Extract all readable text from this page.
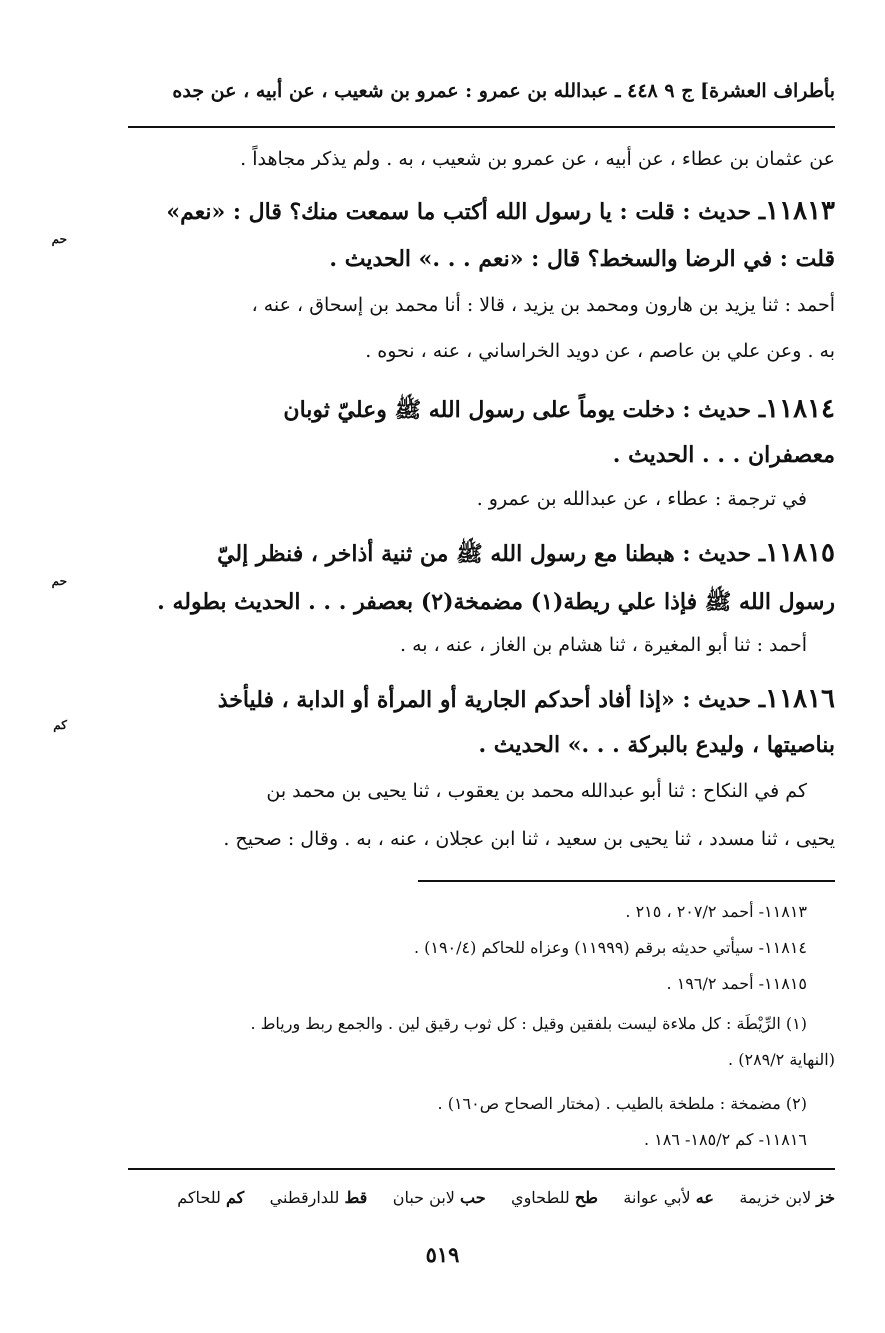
بأطراف العشرة] ج ٩ ٤٤٨ ـ عبدالله بن عمرو : عمرو بن شعيب ، عن أبيه ، عن جده
عن عثمان بن عطاء ، عن أبيه ، عن عمرو بن شعيب ، به . ولم يذكر مجاهداً .
١١٨١٣ـ حديث : قلت : يا رسول الله أكتب ما سمعت منك؟ قال : «نعم»
حم
قلت : في الرضا والسخط؟ قال : «نعم . . .» الحديث .
أحمد : ثنا يزيد بن هارون ومحمد بن يزيد ، قالا : أنا محمد بن إسحاق ، عنه ،
به . وعن علي بن عاصم ، عن دويد الخراساني ، عنه ، نحوه .
١١٨١٤ـ حديث : دخلت يوماً على رسول الله ﷺ وعليّ ثوبان
معصفران . . . الحديث .
في ترجمة : عطاء ، عن عبدالله بن عمرو .
١١٨١٥ـ حديث : هبطنا مع رسول الله ﷺ من ثنية أذاخر ، فنظر إليّ
حم
رسول الله ﷺ فإذا علي ريطة(١) مضمخة(٢) بعصفر . . . الحديث بطوله .
أحمد : ثنا أبو المغيرة ، ثنا هشام بن الغاز ، عنه ، به .
١١٨١٦ـ حديث : «إذا أفاد أحدكم الجارية أو المرأة أو الدابة ، فليأخذ
كم
بناصيتها ، وليدع بالبركة . . .» الحديث .
كم في النكاح : ثنا أبو عبدالله محمد بن يعقوب ، ثنا يحيى بن محمد بن
يحيى ، ثنا مسدد ، ثنا يحيى بن سعيد ، ثنا ابن عجلان ، عنه ، به . وقال : صحيح .
١١٨١٣- أحمد ٢٠٧/٢ ، ٢١٥ .
١١٨١٤- سيأتي حديثه برقم (١١٩٩٩) وعزاه للحاكم (١٩٠/٤) .
١١٨١٥- أحمد ١٩٦/٢ .
(١) الرِّيْطَة : كل ملاءة ليست بلفقين وقيل : كل ثوب رقيق لين . والجمع ربط ورياط .
(النهاية ٢٨٩/٢) .
(٢) مضمخة : ملطخة بالطيب . (مختار الصحاح ص١٦٠) .
١١٨١٦- كم ١٨٥/٢- ١٨٦ .
خز لابن خزيمة     عه لأبي عوانة     طح للطحاوي     حب لابن حبان     قط للدارقطني     كم للحاكم
٥١٩
